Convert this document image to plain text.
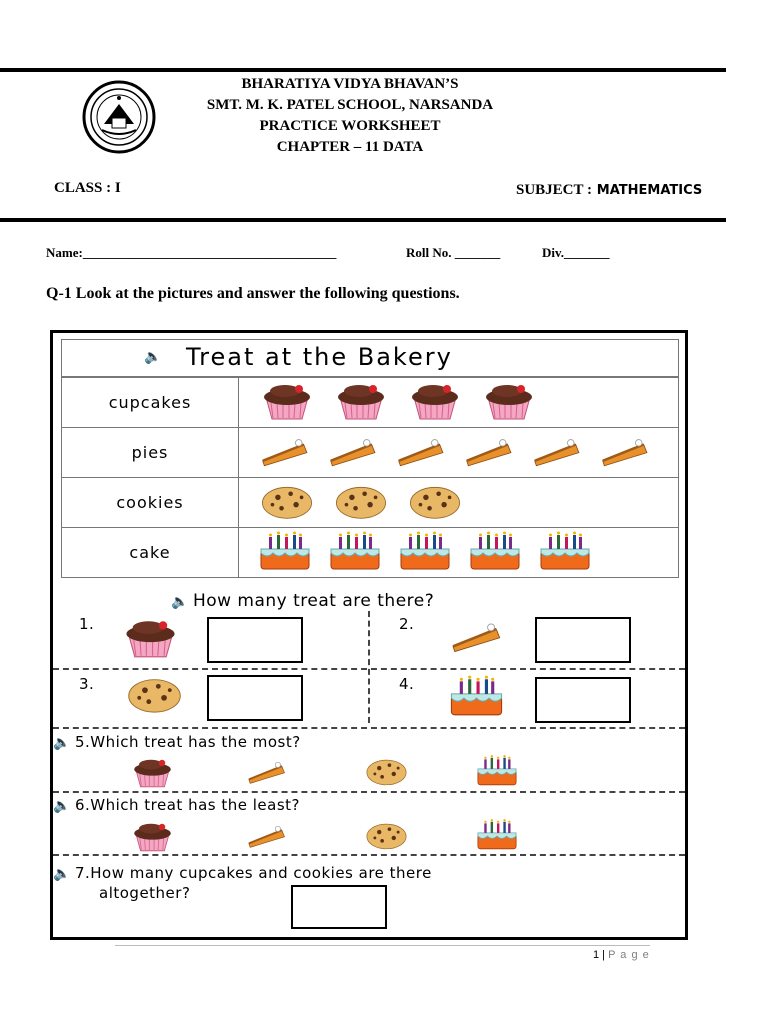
BHARATIYA VIDYA BHAVAN’S
SMT. M. K. PATEL SCHOOL, NARSANDA
PRACTICE WORKSHEET
CHAPTER – 11 DATA
CLASS : I	SUBJECT : MATHEMATICS
Name:_______________________________________	Roll No. _______	Div._______
Q-1 Look at the pictures and answer the following questions.
🔈 Treat at the Bakery
cupcakes	

pies	

cookies	

cake	
🔈 How many treat are there?
1.	2.
3.	4.
🔈 5.Which treat has the most?
🔈 6.Which treat has the least?
🔈 7.How many cupcakes and cookies are there
altogether?
1 | P a g e
